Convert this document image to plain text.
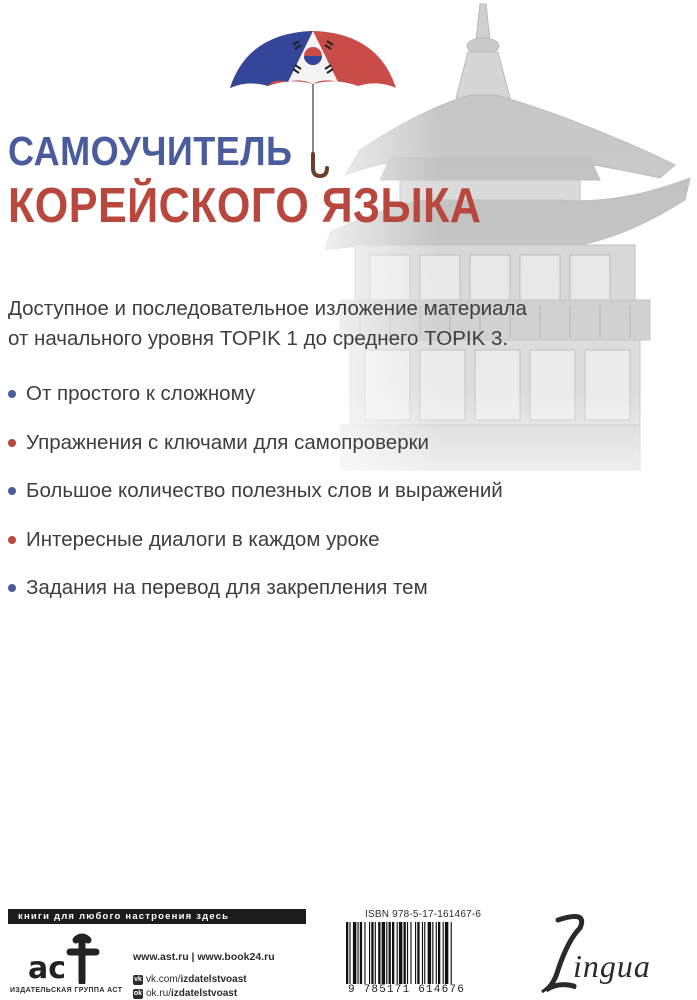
САМОУЧИТЕЛЬ
КОРЕЙСКОГО ЯЗЫКА
Доступное и последовательное изложение материала
от начального уровня TOPIK 1 до среднего TOPIK 3.
От простого к сложному
Упражнения с ключами для самопроверки
Большое количество полезных слов и выражений
Интересные диалоги в каждом уроке
Задания на перевод для закрепления тем
книги для любого настроения здесь
ас
ИЗДАТЕЛЬСКАЯ ГРУППА АСТ
www.ast.ru | www.book24.ru
vk vk.com/ izdatelstvoast
ok ok.ru/ izdatelstvoast
ISBN 978-5-17-161467-6
9 785171 614676
ingua
